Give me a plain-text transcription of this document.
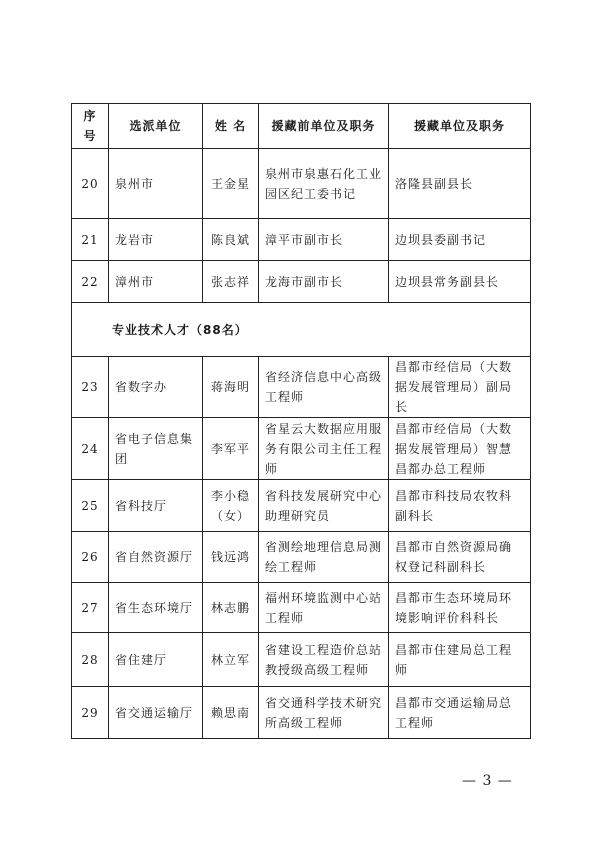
序号	选派单位	姓 名	援藏前单位及职务	援藏单位及职务
20	泉州市	王金星	泉州市泉惠石化工业园区纪工委书记	洛隆县副县长
21	龙岩市	陈良斌	漳平市副市长	边坝县委副书记
22	漳州市	张志祥	龙海市副市长	边坝县常务副县长
专业技术人才（88名）				
23	省数字办	蒋海明	省经济信息中心高级工程师	昌都市经信局（大数据发展管理局）副局长
24	省电子信息集团	李军平	省星云大数据应用服务有限公司主任工程师	昌都市经信局（大数据发展管理局）智慧昌都办总工程师
25	省科技厅	李小稳（女）	省科技发展研究中心助理研究员	昌都市科技局农牧科副科长
26	省自然资源厅	钱远鸿	省测绘地理信息局测绘工程师	昌都市自然资源局确权登记科副科长
27	省生态环境厅	林志鹏	福州环境监测中心站工程师	昌都市生态环境局环境影响评价科科长
28	省住建厅	林立军	省建设工程造价总站教授级高级工程师	昌都市住建局总工程师
29	省交通运输厅	赖思南	省交通科学技术研究所高级工程师	昌都市交通运输局总工程师
— 3 —
